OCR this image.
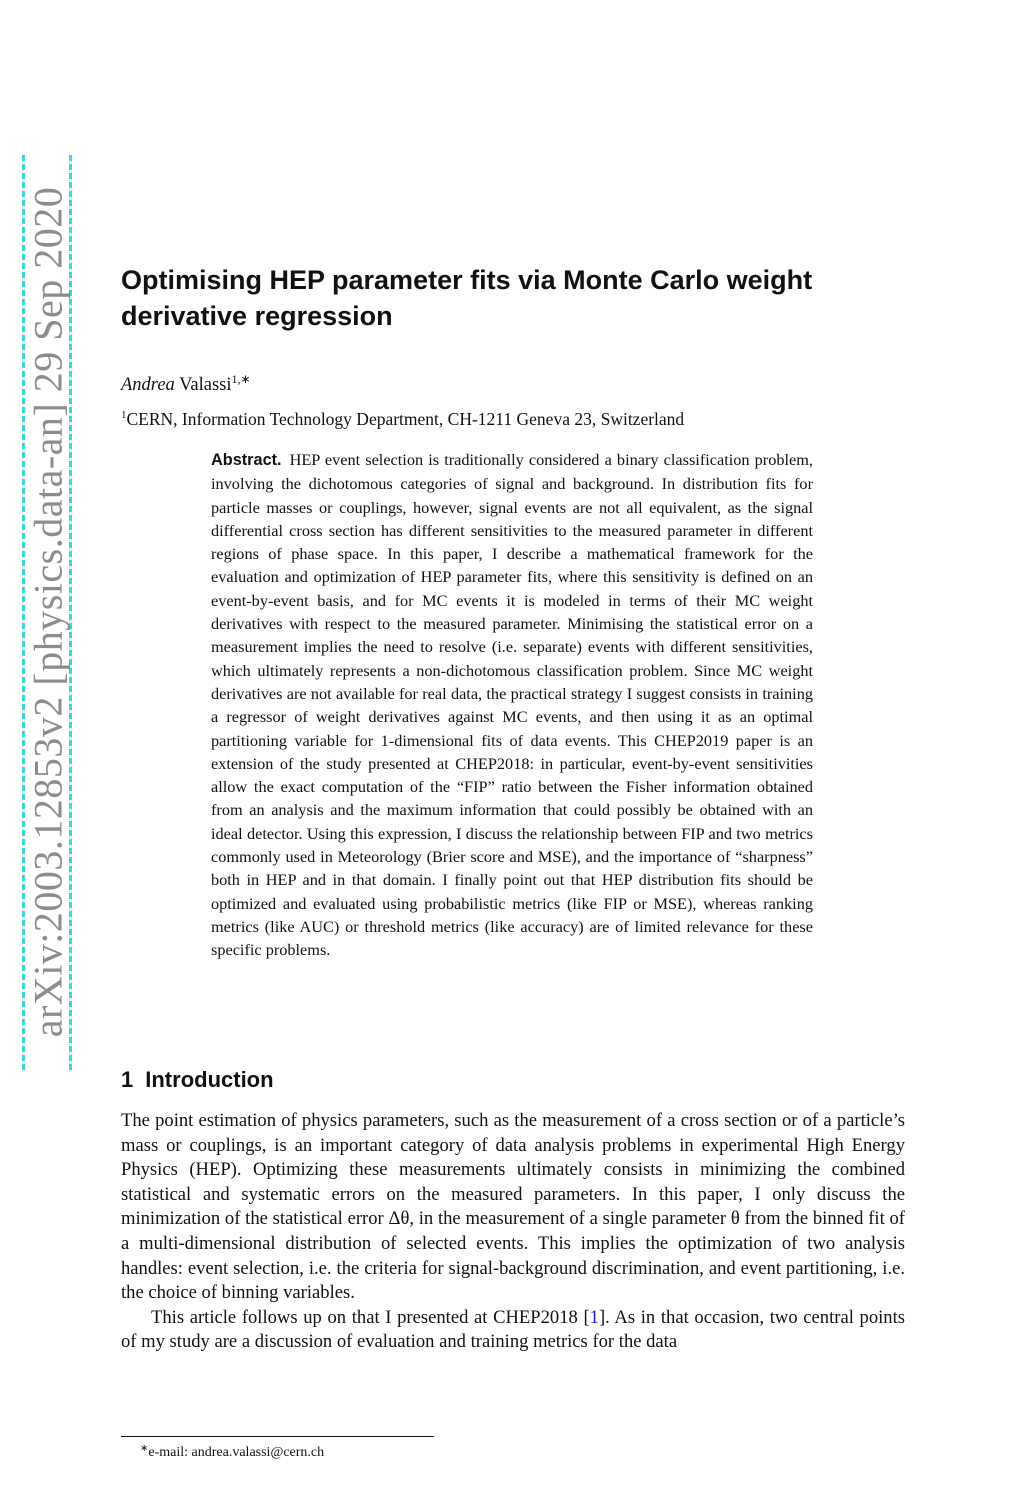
arXiv:2003.12853v2 [physics.data-an] 29 Sep 2020 Optimising HEP parameter fits via Monte Carlo weight derivative regression
Andrea Valassi$^{1,∗}$
$^1$CERN, Information Technology Department, CH-1211 Geneva 23, Switzerland
Abstract. HEP event selection is traditionally considered a binary classification problem, involving the dichotomous categories of signal and background. In distribution fits for particle masses or couplings, however, signal events are not all equivalent, as the signal differential cross section has different sensitivities to the measured parameter in different regions of phase space. In this paper, I describe a mathematical framework for the evaluation and optimization of HEP parameter fits, where this sensitivity is defined on an event-by-event basis, and for MC events it is modeled in terms of their MC weight derivatives with respect to the measured parameter. Minimising the statistical error on a measurement implies the need to resolve (i.e. separate) events with different sensitivities, which ultimately represents a non-dichotomous classification problem. Since MC weight derivatives are not available for real data, the practical strategy I suggest consists in training a regressor of weight derivatives against MC events, and then using it as an optimal partitioning variable for 1-dimensional fits of data events. This CHEP2019 paper is an extension of the study presented at CHEP2018: in particular, event-by-event sensitivities allow the exact computation of the “FIP” ratio between the Fisher information obtained from an analysis and the maximum information that could possibly be obtained with an ideal detector. Using this expression, I discuss the relationship between FIP and two metrics commonly used in Meteorology (Brier score and MSE), and the importance of “sharpness” both in HEP and in that domain. I finally point out that HEP distribution fits should be optimized and evaluated using probabilistic metrics (like FIP or MSE), whereas ranking metrics (like AUC) or threshold metrics (like accuracy) are of limited relevance for these specific problems.
1 Introduction

The point estimation of physics parameters, such as the measurement of a cross section or of a particle’s mass or couplings, is an important category of data analysis problems in experimental High Energy Physics (HEP). Optimizing these measurements ultimately consists in minimizing the combined statistical and systematic errors on the measured parameters. In this paper, I only discuss the minimization of the statistical error Δθ, in the measurement of a single parameter θ from the binned fit of a multi-dimensional distribution of selected events. This implies the optimization of two analysis handles: event selection, i.e. the criteria for signal-background discrimination, and event partitioning, i.e. the choice of binning variables.

This article follows up on that I presented at CHEP2018 [1]. As in that occasion, two central points of my study are a discussion of evaluation and training metrics for the data

∗e-mail: andrea.valassi@cern.ch
